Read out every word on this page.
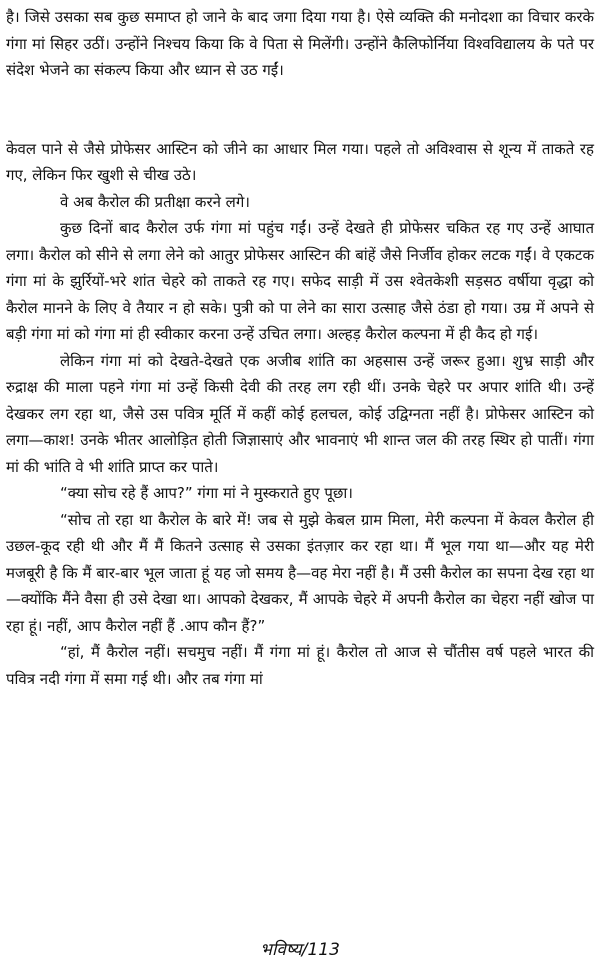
है। जिसे उसका सब कुछ समाप्त हो जाने के बाद जगा दिया गया है। ऐसे व्यक्ति की मनोदशा का विचार करके गंगा मां सिहर उठीं। उन्होंने निश्चय किया कि वे पिता से मिलेंगी। उन्होंने कैलिफोर्निया विश्वविद्यालय के पते पर संदेश भेजने का संकल्प किया और ध्यान से उठ गईं।

केवल पाने से जैसे प्रोफेसर आस्टिन को जीने का आधार मिल गया। पहले तो अविश्वास से शून्य में ताकते रह गए, लेकिन फिर खुशी से चीख उठे।

वे अब कैरोल की प्रतीक्षा करने लगे।

कुछ दिनों बाद कैरोल उर्फ गंगा मां पहुंच गईं। उन्हें देखते ही प्रोफेसर चकित रह गए उन्हें आघात लगा। कैरोल को सीने से लगा लेने को आतुर प्रोफेसर आस्टिन की बांहें जैसे निर्जीव होकर लटक गईं। वे एकटक गंगा मां के झुर्रियों-भरे शांत चेहरे को ताकते रह गए। सफेद साड़ी में उस श्वेतकेशी सड़सठ वर्षीया वृद्धा को कैरोल मानने के लिए वे तैयार न हो सके। पुत्री को पा लेने का सारा उत्साह जैसे ठंडा हो गया। उम्र में अपने से बड़ी गंगा मां को गंगा मां ही स्वीकार करना उन्हें उचित लगा। अल्हड़ कैरोल कल्पना में ही कैद हो गई।

लेकिन गंगा मां को देखते-देखते एक अजीब शांति का अहसास उन्हें जरूर हुआ। शुभ्र साड़ी और रुद्राक्ष की माला पहने गंगा मां उन्हें किसी देवी की तरह लग रही थीं। उनके चेहरे पर अपार शांति थी। उन्हें देखकर लग रहा था, जैसे उस पवित्र मूर्ति में कहीं कोई हलचल, कोई उद्विग्नता नहीं है। प्रोफेसर आस्टिन को लगा—काश! उनके भीतर आलोड़ित होती जिज्ञासाएं और भावनाएं भी शान्त जल की तरह स्थिर हो पातीं। गंगा मां की भांति वे भी शांति प्राप्त कर पाते।

“क्या सोच रहे हैं आप?” गंगा मां ने मुस्कराते हुए पूछा।

“सोच तो रहा था कैरोल के बारे में! जब से मुझे केबल ग्राम मिला, मेरी कल्पना में केवल कैरोल ही उछल-कूद रही थी और मैं मैं कितने उत्साह से उसका इंतज़ार कर रहा था। मैं भूल गया था—और यह मेरी मजबूरी है कि मैं बार-बार भूल जाता हूं यह जो समय है—वह मेरा नहीं है। मैं उसी कैरोल का सपना देख रहा था—क्योंकि मैंने वैसा ही उसे देखा था। आपको देखकर, मैं आपके चेहरे में अपनी कैरोल का चेहरा नहीं खोज पा रहा हूं। नहीं, आप कैरोल नहीं हैं .आप कौन हैं?”

“हां, मैं कैरोल नहीं। सचमुच नहीं। मैं गंगा मां हूं। कैरोल तो आज से चौंतीस वर्ष पहले भारत की पवित्र नदी गंगा में समा गई थी। और तब गंगा मां

भविष्य/113
